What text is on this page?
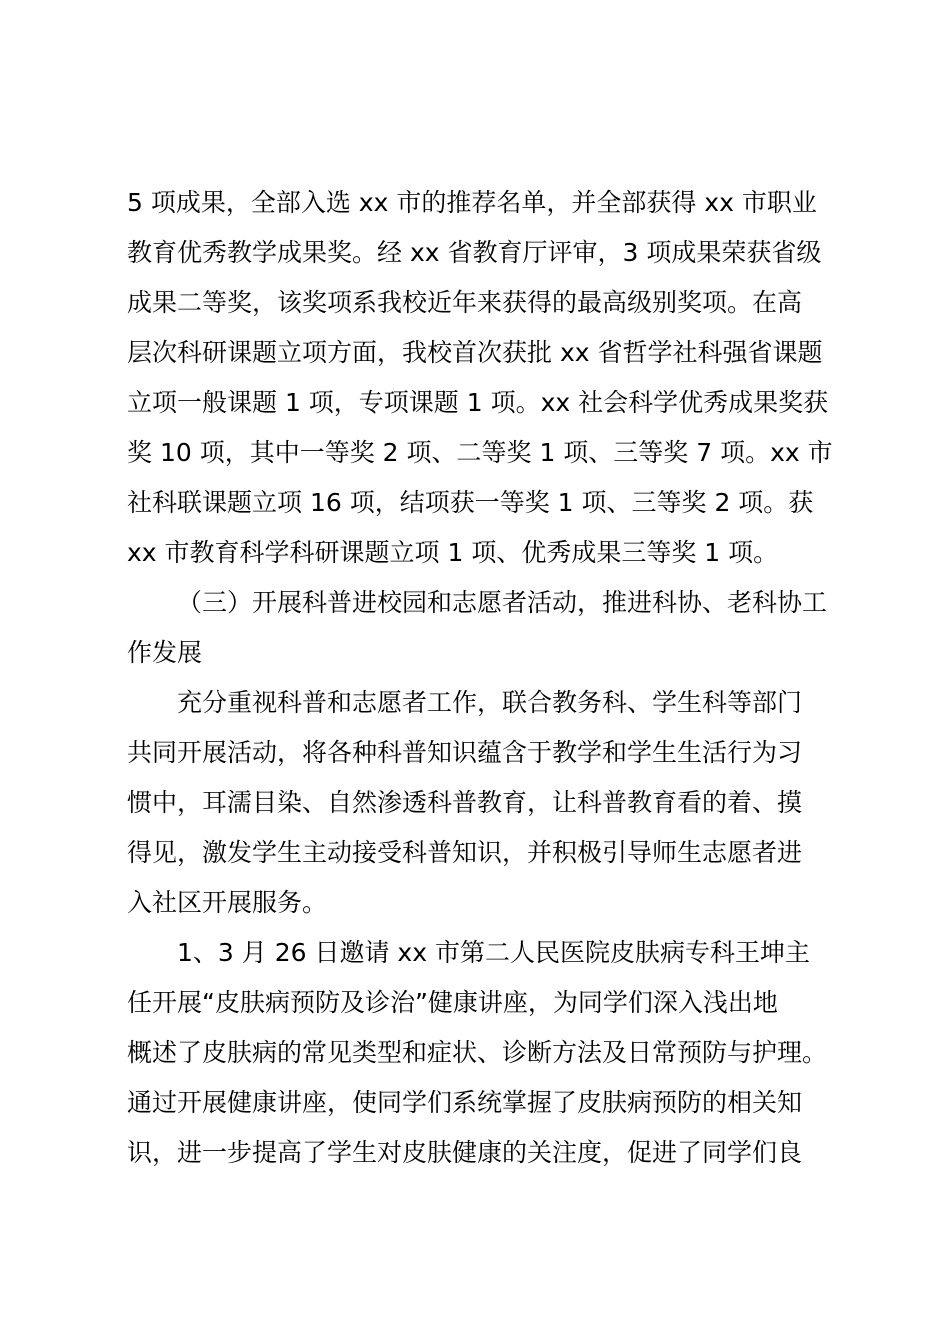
5 项成果，全部入选 xx 市的推荐名单，并全部获得 xx 市职业
教育优秀教学成果奖。经 xx 省教育厅评审，3 项成果荣获省级
成果二等奖，该奖项系我校近年来获得的最高级别奖项。在高
层次科研课题立项方面，我校首次获批 xx 省哲学社科强省课题
立项一般课题 1 项，专项课题 1 项。xx 社会科学优秀成果奖获
奖 10 项，其中一等奖 2 项、二等奖 1 项、三等奖 7 项。xx 市
社科联课题立项 16 项，结项获一等奖 1 项、三等奖 2 项。获
xx 市教育科学科研课题立项 1 项、优秀成果三等奖 1 项。
（三）开展科普进校园和志愿者活动，推进科协、老科协工
作发展
充分重视科普和志愿者工作，联合教务科、学生科等部门
共同开展活动，将各种科普知识蕴含于教学和学生生活行为习
惯中，耳濡目染、自然渗透科普教育，让科普教育看的着、摸
得见，激发学生主动接受科普知识，并积极引导师生志愿者进
入社区开展服务。
1、3 月 26 日邀请 xx 市第二人民医院皮肤病专科王坤主
任开展“皮肤病预防及诊治”健康讲座，为同学们深入浅出地
概述了皮肤病的常见类型和症状、诊断方法及日常预防与护理。
通过开展健康讲座，使同学们系统掌握了皮肤病预防的相关知
识，进一步提高了学生对皮肤健康的关注度，促进了同学们良
